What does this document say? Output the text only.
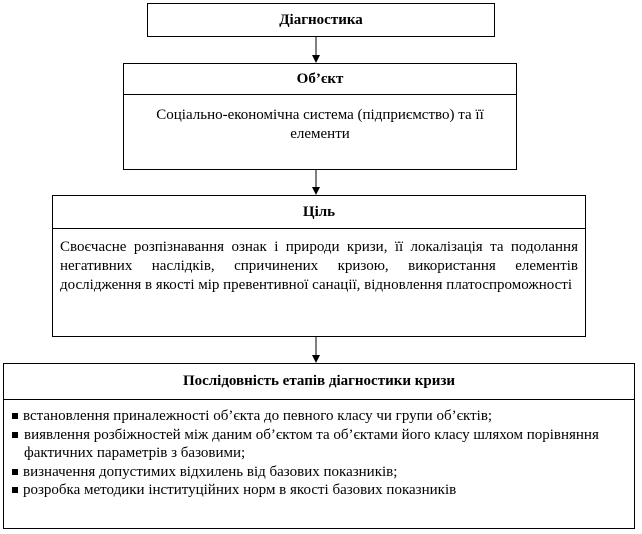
Діагностика
Об’єкт
Соціально-економічна система (підприємство) та її елементи
Ціль
Своєчасне розпізнавання ознак і природи кризи, її локалізація та подолання негативних наслідків, спричинених кризою, використання елементів дослідження в якості мір превентивної санації, відновлення платоспроможності
Послідовність етапів діагностики кризи
встановлення приналежності об’єкта до певного класу чи групи об’єктів;
виявлення розбіжностей між даним об’єктом та об’єктами його класу шляхом порівняння фактичних параметрів з базовими;
визначення допустимих відхилень від базових показників;
розробка методики інституційних норм в якості базових показників
